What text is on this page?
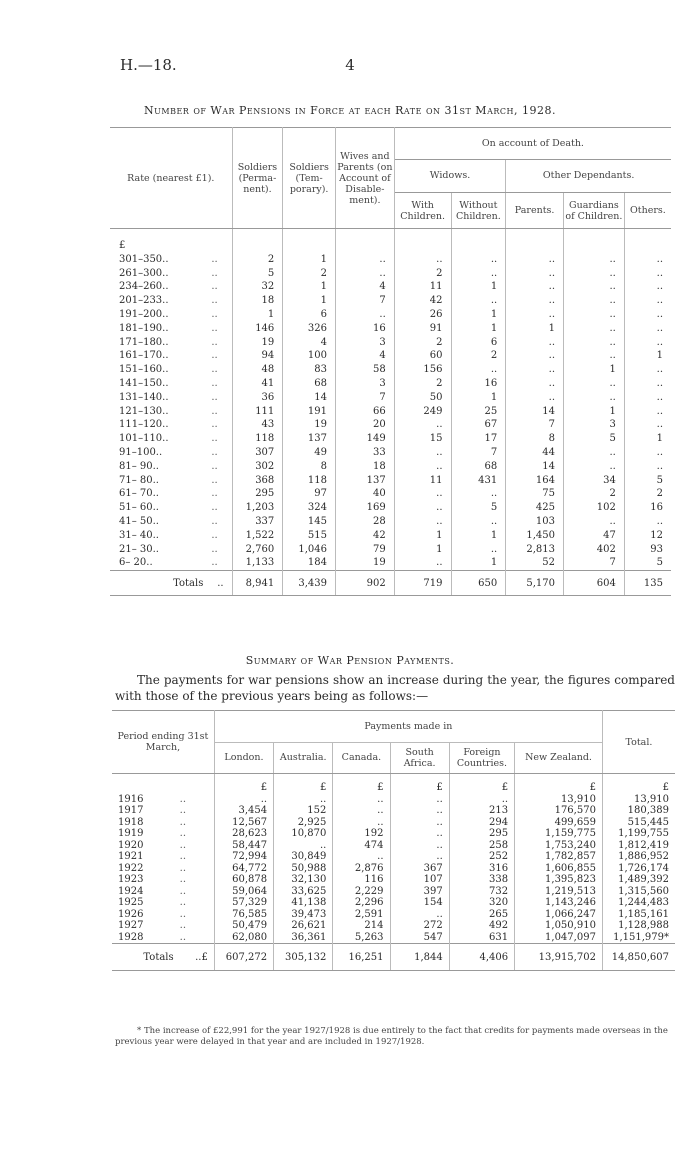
H.—18.	4
Number of War Pensions in Force at each Rate on 31st March, 1928.
Rate (nearest £1).		Soldiers (Perma-nent).	Soldiers (Tem-porary).	Wives and Parents (on Account of Disable-ment).	On account of Death.				
					Widows.		Other Dependants.		
					With Children.	Without Children.	Parents.	Guardians of Children.	Others.
£									
301–350..	..	2	1	..	..	..	..	..	..
261–300..	..	5	2	..	2	..	..	..	..
234–260..	..	32	1	4	11	1	..	..	..
201–233..	..	18	1	7	42	..	..	..	..
191–200..	..	1	6	..	26	1	..	..	..
181–190..	..	146	326	16	91	1	1	..	..
171–180..	..	19	4	3	2	6	..	..	..
161–170..	..	94	100	4	60	2	..	..	1
151–160..	..	48	83	58	156	..	..	1	..
141–150..	..	41	68	3	2	16	..	..	..
131–140..	..	36	14	7	50	1	..	..	..
121–130..	..	111	191	66	249	25	14	1	..
111–120..	..	43	19	20	..	67	7	3	..
101–110..	..	118	137	149	15	17	8	5	1
91–100..	..	307	49	33	..	7	44	..	..
81– 90..	..	302	8	18	..	68	14	..	..
71– 80..	..	368	118	137	11	431	164	34	5
61– 70..	..	295	97	40	..	..	75	2	2
51– 60..	..	1,203	324	169	..	5	425	102	16
41– 50..	..	337	145	28	..	..	103	..	..
31– 40..	..	1,522	515	42	1	1	1,450	47	12
21– 30..	..	2,760	1,046	79	1	..	2,813	402	93
6– 20..	..	1,133	184	19	..	1	52	7	5
Totals	..	8,941	3,439	902	719	650	5,170	604	135
Summary of War Pension Payments.

The payments for war pensions show an increase during the year, the figures compared with those of the previous years being as follows:—

Period ending 31st March,		Payments made in						Total.
		London.	Australia.	Canada.	South Africa.	Foreign Countries.	New Zealand.	
		£	£	£	£	£	£	£
1916	..	..	..	..	..	..	13,910	13,910
1917	..	3,454	152	..	..	213	176,570	180,389
1918	..	12,567	2,925	..	..	294	499,659	515,445
1919	..	28,623	10,870	192	..	295	1,159,775	1,199,755
1920	..	58,447	..	474	..	258	1,753,240	1,812,419
1921	..	72,994	30,849	..	..	252	1,782,857	1,886,952
1922	..	64,772	50,988	2,876	367	316	1,606,855	1,726,174
1923	..	60,878	32,130	116	107	338	1,395,823	1,489,392
1924	..	59,064	33,625	2,229	397	732	1,219,513	1,315,560
1925	..	57,329	41,138	2,296	154	320	1,143,246	1,244,483
1926	..	76,585	39,473	2,591	..	265	1,066,247	1,185,161
1927	..	50,479	26,621	214	272	492	1,050,910	1,128,988
1928	..	62,080	36,361	5,263	547	631	1,047,097	1,151,979*
Totals	..£	607,272	305,132	16,251	1,844	4,406	13,915,702	14,850,607
* The increase of £22,991 for the year 1927/1928 is due entirely to the fact that credits for payments made overseas in the previous year were delayed in that year and are included in 1927/1928.
